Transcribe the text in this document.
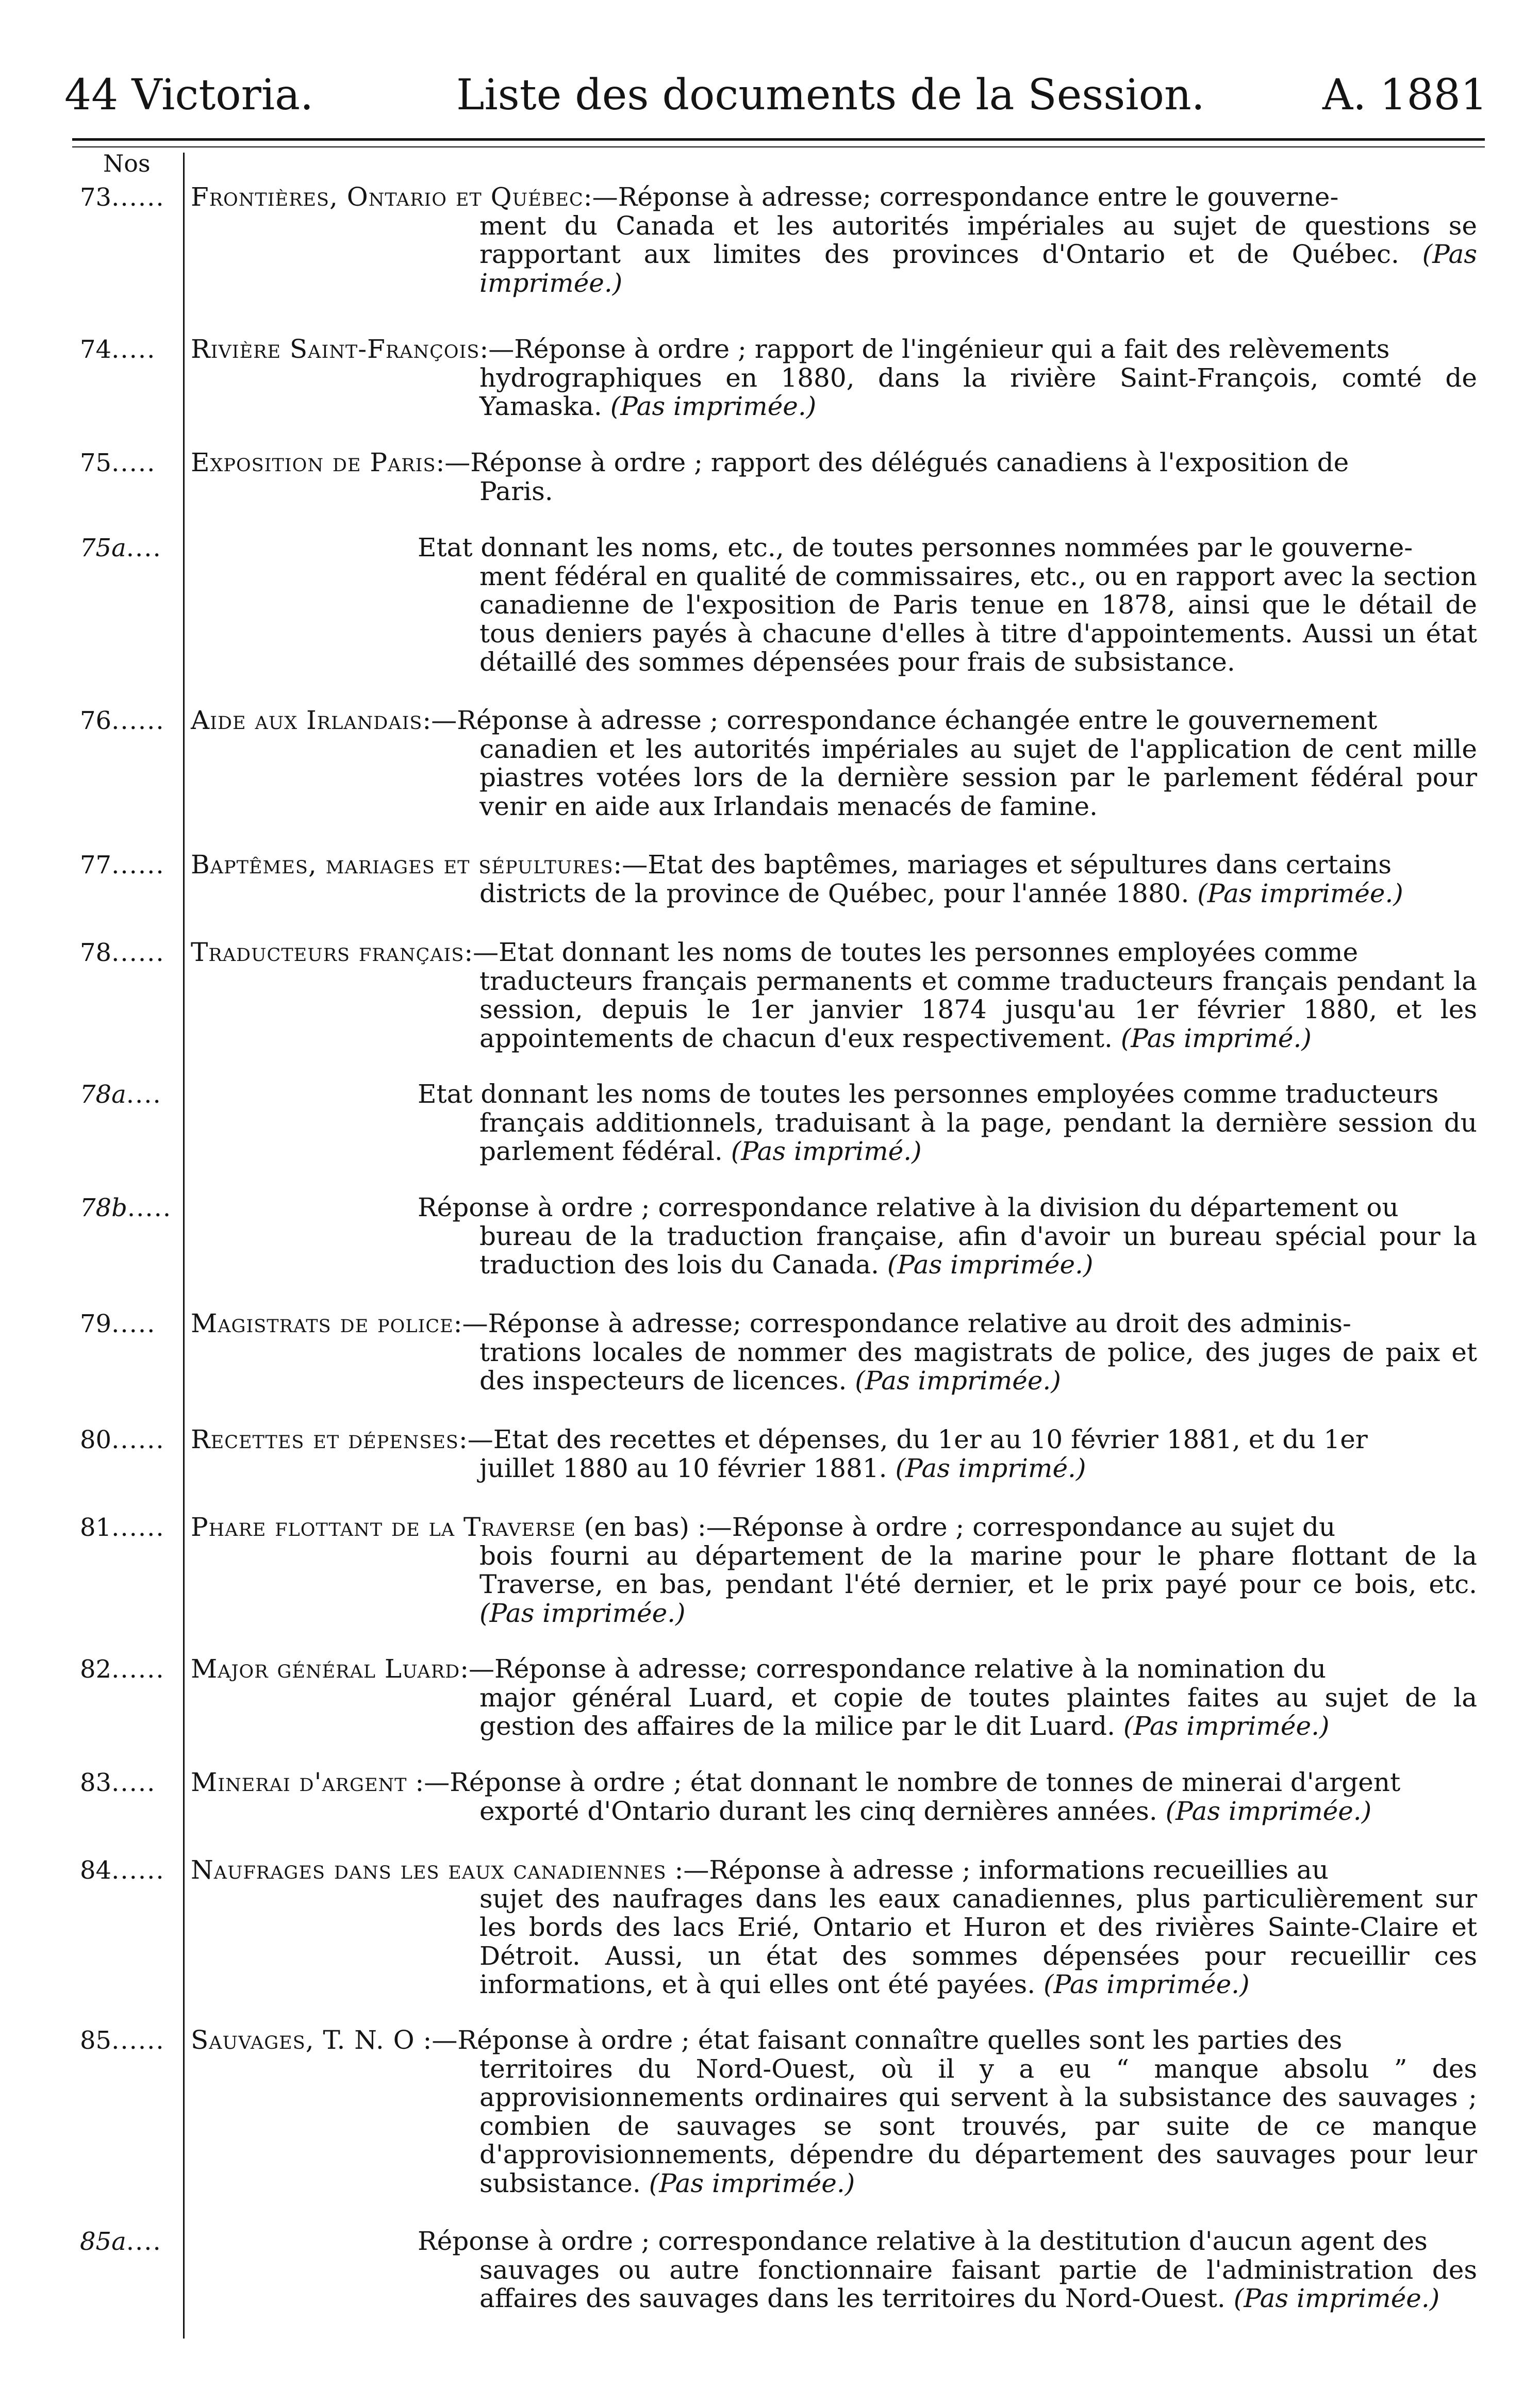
44 Victoria.	Liste des documents de la Session.	A. 1881
Nos
73......	Frontières, Ontario et Québec:—Réponse à adresse; correspondance entre le gouverne-
ment du Canada et les autorités impériales au sujet de questions se rapportant aux limites des provinces d'Ontario et de Québec. (Pas imprimée.)
74.....	Rivière Saint-François:—Réponse à ordre ; rapport de l'ingénieur qui a fait des relèvements
hydrographiques en 1880, dans la rivière Saint-François, comté de Yamaska. (Pas imprimée.)
75.....	Exposition de Paris:—Réponse à ordre ; rapport des délégués canadiens à l'exposition de
Paris.
75a....	Etat donnant les noms, etc., de toutes personnes nommées par le gouverne-
ment fédéral en qualité de commissaires, etc., ou en rapport avec la section canadienne de l'exposition de Paris tenue en 1878, ainsi que le détail de tous deniers payés à chacune d'elles à titre d'appointements. Aussi un état détaillé des sommes dépensées pour frais de subsistance.
76......	Aide aux Irlandais:—Réponse à adresse ; correspondance échangée entre le gouvernement
canadien et les autorités impériales au sujet de l'application de cent mille piastres votées lors de la dernière session par le parlement fédéral pour venir en aide aux Irlandais menacés de famine.
77......	Baptêmes, mariages et sépultures:—Etat des baptêmes, mariages et sépultures dans certains
districts de la province de Québec, pour l'année 1880. (Pas imprimée.)
78......	Traducteurs français:—Etat donnant les noms de toutes les personnes employées comme
traducteurs français permanents et comme traducteurs français pendant la session, depuis le 1er janvier 1874 jusqu'au 1er février 1880, et les appointements de chacun d'eux respectivement. (Pas imprimé.)
78a....	Etat donnant les noms de toutes les personnes employées comme traducteurs
français additionnels, traduisant à la page, pendant la dernière session du parlement fédéral. (Pas imprimé.)
78b.....	Réponse à ordre ; correspondance relative à la division du département ou
bureau de la traduction française, afin d'avoir un bureau spécial pour la traduction des lois du Canada. (Pas imprimée.)
79.....	Magistrats de police:—Réponse à adresse; correspondance relative au droit des adminis-
trations locales de nommer des magistrats de police, des juges de paix et des inspecteurs de licences. (Pas imprimée.)
80......	Recettes et dépenses:—Etat des recettes et dépenses, du 1er au 10 février 1881, et du 1er
juillet 1880 au 10 février 1881. (Pas imprimé.)
81......	Phare flottant de la Traverse (en bas) :—Réponse à ordre ; correspondance au sujet du
bois fourni au département de la marine pour le phare flottant de la Traverse, en bas, pendant l'été dernier, et le prix payé pour ce bois, etc. (Pas imprimée.)
82......	Major général Luard:—Réponse à adresse; correspondance relative à la nomination du
major général Luard, et copie de toutes plaintes faites au sujet de la gestion des affaires de la milice par le dit Luard. (Pas imprimée.)
83.....	Minerai d'argent :—Réponse à ordre ; état donnant le nombre de tonnes de minerai d'argent
exporté d'Ontario durant les cinq dernières années. (Pas imprimée.)
84......	Naufrages dans les eaux canadiennes :—Réponse à adresse ; informations recueillies au
sujet des naufrages dans les eaux canadiennes, plus particulièrement sur les bords des lacs Erié, Ontario et Huron et des rivières Sainte-Claire et Détroit. Aussi, un état des sommes dépensées pour recueillir ces informations, et à qui elles ont été payées. (Pas imprimée.)
85......	Sauvages, T. N. O :—Réponse à ordre ; état faisant connaître quelles sont les parties des
territoires du Nord-Ouest, où il y a eu “ manque absolu ” des approvisionnements ordinaires qui servent à la subsistance des sauvages ; combien de sauvages se sont trouvés, par suite de ce manque d'approvisionnements, dépendre du département des sauvages pour leur subsistance. (Pas imprimée.)
85a....	Réponse à ordre ; correspondance relative à la destitution d'aucun agent des
sauvages ou autre fonctionnaire faisant partie de l'administration des affaires des sauvages dans les territoires du Nord-Ouest. (Pas imprimée.)
